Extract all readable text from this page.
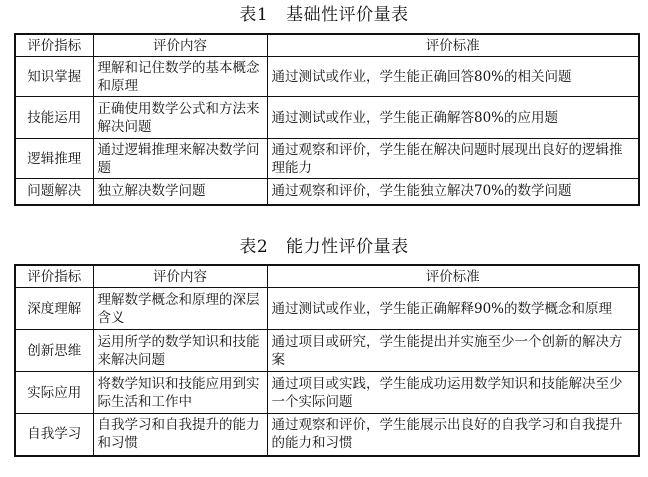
表1 基础性评价量表
评价指标	评价内容	评价标准
知识掌握	理解和记住数学的基本概念和原理	通过测试或作业，学生能正确回答80%的相关问题
技能运用	正确使用数学公式和方法来解决问题	通过测试或作业，学生能正确解答80%的应用题
逻辑推理	通过逻辑推理来解决数学问题	通过观察和评价，学生能在解决问题时展现出良好的逻辑推理能力
问题解决	独立解决数学问题	通过观察和评价，学生能独立解决70%的数学问题
表2 能力性评价量表
评价指标	评价内容	评价标准
深度理解	理解数学概念和原理的深层含义	通过测试或作业，学生能正确解释90%的数学概念和原理
创新思维	运用所学的数学知识和技能来解决问题	通过项目或研究，学生能提出并实施至少一个创新的解决方案
实际应用	将数学知识和技能应用到实际生活和工作中	通过项目或实践，学生能成功运用数学知识和技能解决至少一个实际问题
自我学习	自我学习和自我提升的能力和习惯	通过观察和评价，学生能展示出良好的自我学习和自我提升的能力和习惯
